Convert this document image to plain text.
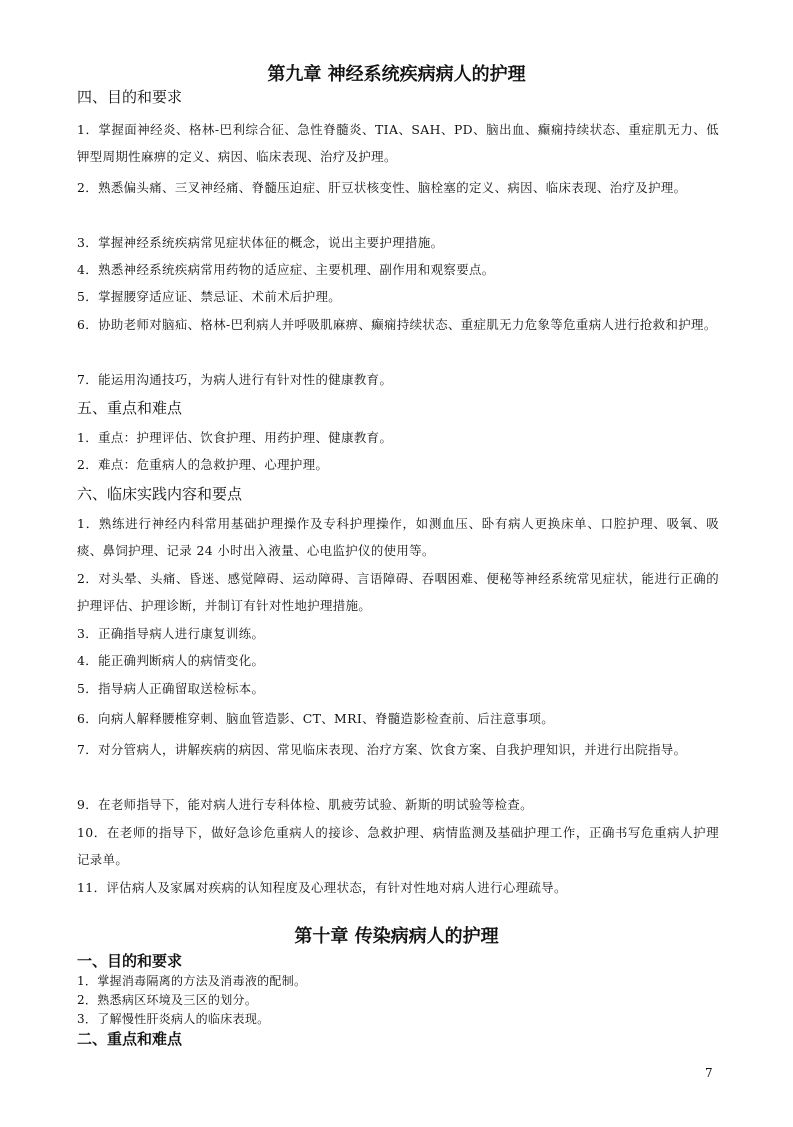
第九章 神经系统疾病病人的护理
四、目的和要求

1．掌握面神经炎、格林-巴利综合征、急性脊髓炎、TIA、SAH、PD、脑出血、癫痫持续状态、重症肌无力、低钾型周期性麻痹的定义、病因、临床表现、治疗及护理。

2．熟悉偏头痛、三叉神经痛、脊髓压迫症、肝豆状核变性、脑栓塞的定义、病因、临床表现、治疗及护理。

3．掌握神经系统疾病常见症状体征的概念，说出主要护理措施。

4．熟悉神经系统疾病常用药物的适应症、主要机理、副作用和观察要点。

5．掌握腰穿适应证、禁忌证、术前术后护理。

6．协助老师对脑疝、格林-巴利病人并呼吸肌麻痹、癫痫持续状态、重症肌无力危象等危重病人进行抢救和护理。

7．能运用沟通技巧，为病人进行有针对性的健康教育。

五、重点和难点

1．重点：护理评估、饮食护理、用药护理、健康教育。

2．难点：危重病人的急救护理、心理护理。

六、临床实践内容和要点

1．熟练进行神经内科常用基础护理操作及专科护理操作，如测血压、卧有病人更换床单、口腔护理、吸氧、吸痰、鼻饲护理、记录 24 小时出入液量、心电监护仪的使用等。

2．对头晕、头痛、昏迷、感觉障碍、运动障碍、言语障碍、吞咽困难、便秘等神经系统常见症状，能进行正确的护理评估、护理诊断，并制订有针对性地护理措施。

3．正确指导病人进行康复训练。

4．能正确判断病人的病情变化。

5．指导病人正确留取送检标本。

6．向病人解释腰椎穿刺、脑血管造影、CT、MRI、脊髓造影检查前、后注意事项。

7．对分管病人，讲解疾病的病因、常见临床表现、治疗方案、饮食方案、自我护理知识，并进行出院指导。

9．在老师指导下，能对病人进行专科体检、肌疲劳试验、新斯的明试验等检查。

10．在老师的指导下，做好急诊危重病人的接诊、急救护理、病情监测及基础护理工作，正确书写危重病人护理记录单。

11．评估病人及家属对疾病的认知程度及心理状态，有针对性地对病人进行心理疏导。

第十章 传染病病人的护理
一、目的和要求

1．掌握消毒隔离的方法及消毒液的配制。

2．熟悉病区环境及三区的划分。

3．了解慢性肝炎病人的临床表现。

二、重点和难点
7
